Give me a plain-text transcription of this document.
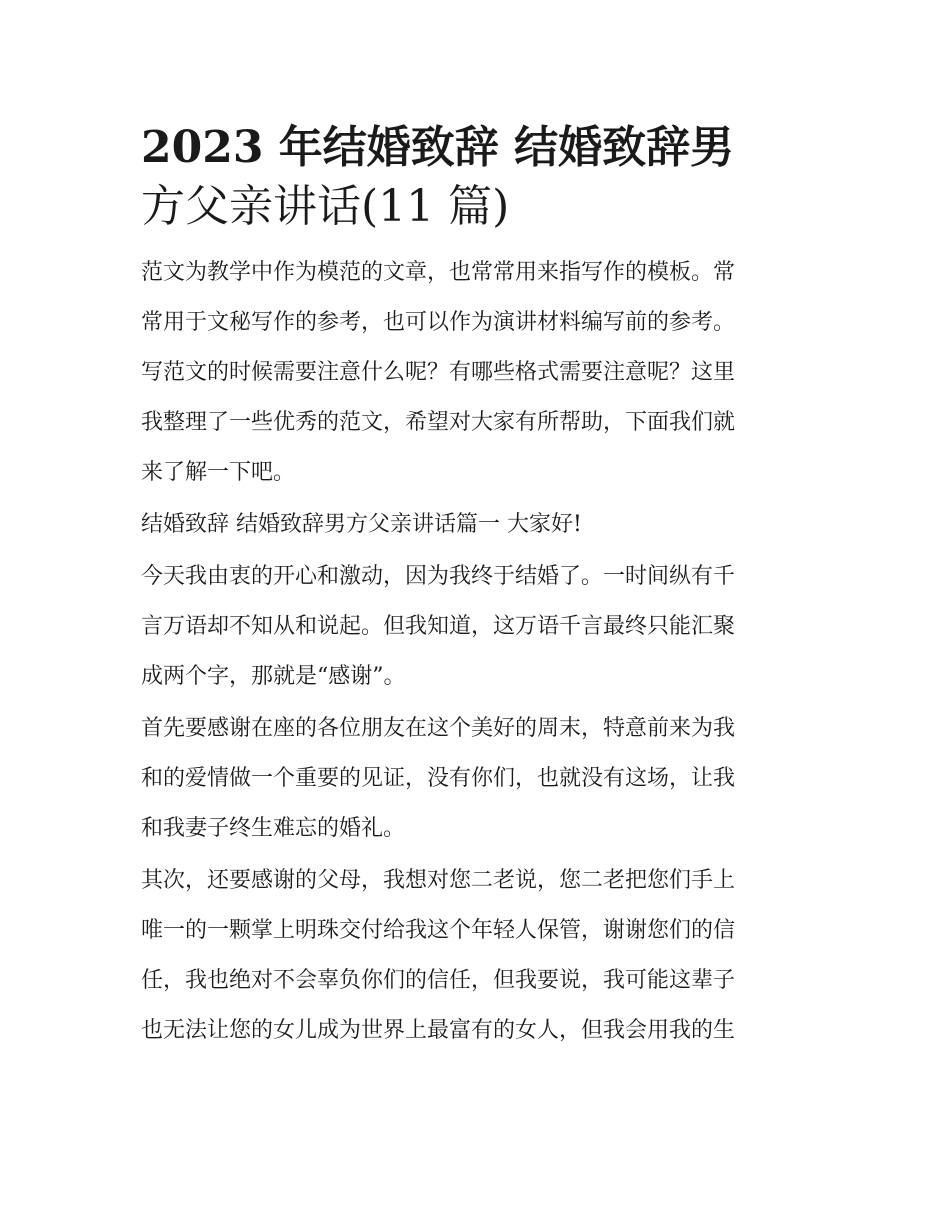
2023 年结婚致辞 结婚致辞男
方父亲讲话(11 篇)
范文为教学中作为模范的文章，也常常用来指写作的模板。常
常用于文秘写作的参考，也可以作为演讲材料编写前的参考。
写范文的时候需要注意什么呢？有哪些格式需要注意呢？这里
我整理了一些优秀的范文，希望对大家有所帮助，下面我们就
来了解一下吧。
结婚致辞 结婚致辞男方父亲讲话篇一 大家好!
今天我由衷的开心和激动，因为我终于结婚了。一时间纵有千
言万语却不知从和说起。但我知道，这万语千言最终只能汇聚
成两个字，那就是“感谢”。
首先要感谢在座的各位朋友在这个美好的周末，特意前来为我
和的爱情做一个重要的见证，没有你们，也就没有这场，让我
和我妻子终生难忘的婚礼。
其次，还要感谢的父母，我想对您二老说，您二老把您们手上
唯一的一颗掌上明珠交付给我这个年轻人保管，谢谢您们的信
任，我也绝对不会辜负你们的信任，但我要说，我可能这辈子
也无法让您的女儿成为世界上最富有的女人，但我会用我的生
